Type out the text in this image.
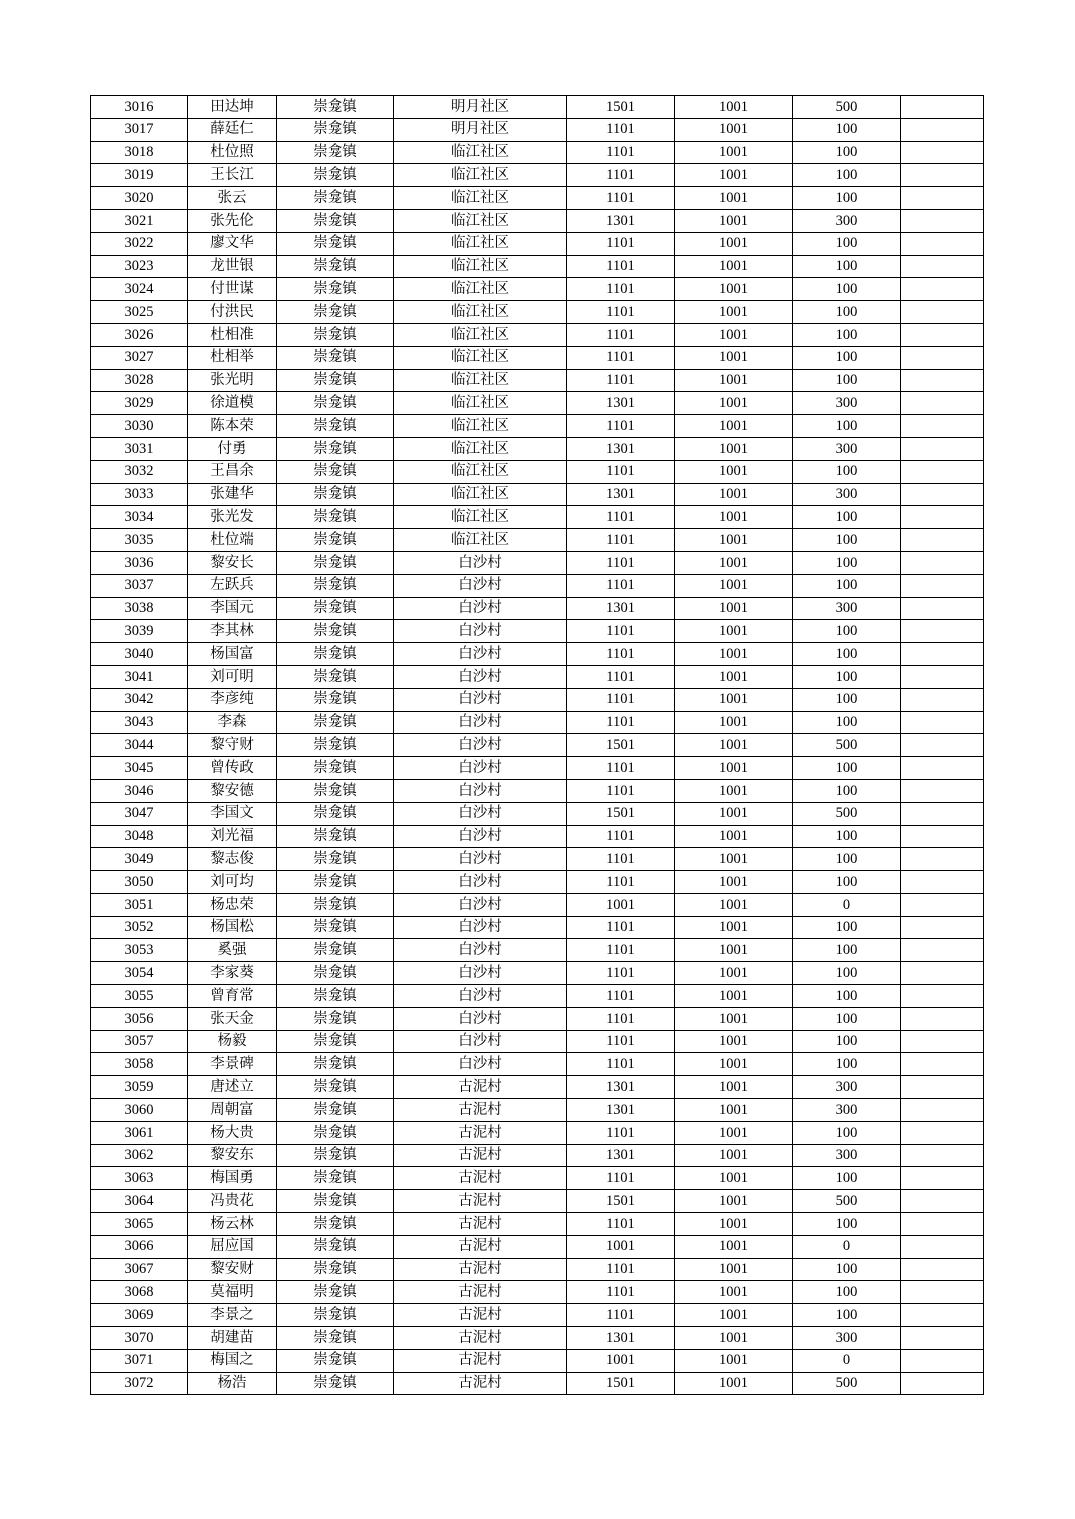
3016	田达坤	崇龛镇	明月社区	1501	1001	500	
3017	薛廷仁	崇龛镇	明月社区	1101	1001	100	
3018	杜位照	崇龛镇	临江社区	1101	1001	100	
3019	王长江	崇龛镇	临江社区	1101	1001	100	
3020	张云	崇龛镇	临江社区	1101	1001	100	
3021	张先伦	崇龛镇	临江社区	1301	1001	300	
3022	廖文华	崇龛镇	临江社区	1101	1001	100	
3023	龙世银	崇龛镇	临江社区	1101	1001	100	
3024	付世谋	崇龛镇	临江社区	1101	1001	100	
3025	付洪民	崇龛镇	临江社区	1101	1001	100	
3026	杜相准	崇龛镇	临江社区	1101	1001	100	
3027	杜相举	崇龛镇	临江社区	1101	1001	100	
3028	张光明	崇龛镇	临江社区	1101	1001	100	
3029	徐道模	崇龛镇	临江社区	1301	1001	300	
3030	陈本荣	崇龛镇	临江社区	1101	1001	100	
3031	付勇	崇龛镇	临江社区	1301	1001	300	
3032	王昌余	崇龛镇	临江社区	1101	1001	100	
3033	张建华	崇龛镇	临江社区	1301	1001	300	
3034	张光发	崇龛镇	临江社区	1101	1001	100	
3035	杜位端	崇龛镇	临江社区	1101	1001	100	
3036	黎安长	崇龛镇	白沙村	1101	1001	100	
3037	左跃兵	崇龛镇	白沙村	1101	1001	100	
3038	李国元	崇龛镇	白沙村	1301	1001	300	
3039	李其林	崇龛镇	白沙村	1101	1001	100	
3040	杨国富	崇龛镇	白沙村	1101	1001	100	
3041	刘可明	崇龛镇	白沙村	1101	1001	100	
3042	李彦纯	崇龛镇	白沙村	1101	1001	100	
3043	李森	崇龛镇	白沙村	1101	1001	100	
3044	黎守财	崇龛镇	白沙村	1501	1001	500	
3045	曾传政	崇龛镇	白沙村	1101	1001	100	
3046	黎安德	崇龛镇	白沙村	1101	1001	100	
3047	李国文	崇龛镇	白沙村	1501	1001	500	
3048	刘光福	崇龛镇	白沙村	1101	1001	100	
3049	黎志俊	崇龛镇	白沙村	1101	1001	100	
3050	刘可均	崇龛镇	白沙村	1101	1001	100	
3051	杨忠荣	崇龛镇	白沙村	1001	1001	0	
3052	杨国松	崇龛镇	白沙村	1101	1001	100	
3053	奚强	崇龛镇	白沙村	1101	1001	100	
3054	李家葵	崇龛镇	白沙村	1101	1001	100	
3055	曾育常	崇龛镇	白沙村	1101	1001	100	
3056	张天金	崇龛镇	白沙村	1101	1001	100	
3057	杨毅	崇龛镇	白沙村	1101	1001	100	
3058	李景碑	崇龛镇	白沙村	1101	1001	100	
3059	唐述立	崇龛镇	古泥村	1301	1001	300	
3060	周朝富	崇龛镇	古泥村	1301	1001	300	
3061	杨大贵	崇龛镇	古泥村	1101	1001	100	
3062	黎安东	崇龛镇	古泥村	1301	1001	300	
3063	梅国勇	崇龛镇	古泥村	1101	1001	100	
3064	冯贵花	崇龛镇	古泥村	1501	1001	500	
3065	杨云林	崇龛镇	古泥村	1101	1001	100	
3066	屈应国	崇龛镇	古泥村	1001	1001	0	
3067	黎安财	崇龛镇	古泥村	1101	1001	100	
3068	莫福明	崇龛镇	古泥村	1101	1001	100	
3069	李景之	崇龛镇	古泥村	1101	1001	100	
3070	胡建苗	崇龛镇	古泥村	1301	1001	300	
3071	梅国之	崇龛镇	古泥村	1001	1001	0	
3072	杨浩	崇龛镇	古泥村	1501	1001	500	
